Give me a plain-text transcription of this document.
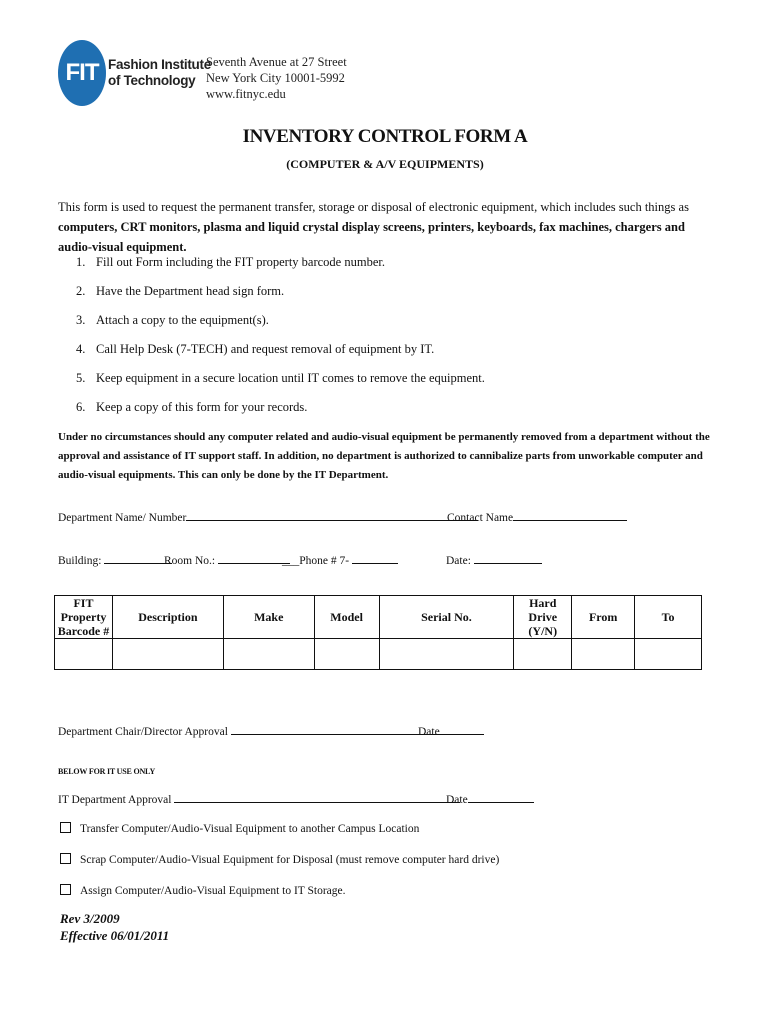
FIT Fashion Institute
of Technology
Seventh Avenue at 27 Street
New York City 10001-5992
www.fitnyc.edu
INVENTORY CONTROL FORM A
(COMPUTER & A/V EQUIPMENTS)
This form is used to request the permanent transfer, storage or disposal of electronic equipment, which includes such things as computers, CRT monitors, plasma and liquid crystal display screens, printers, keyboards, fax machines, chargers and audio-visual equipment.
1. Fill out Form including the FIT property barcode number.
2. Have the Department head sign form.
3. Attach a copy to the equipment(s).
4. Call Help Desk (7-TECH) and request removal of equipment by IT.
5. Keep equipment in a secure location until IT comes to remove the equipment.
6. Keep a copy of this form for your records.
Under no circumstances should any computer related and audio-visual equipment be permanently removed from a department without the approval and assistance of IT support staff. In addition, no department is authorized to cannibalize parts from unworkable computer and audio-visual equipments. This can only be done by the IT Department.
Department Name/ Number	Contact Name
Building:	Room No.:	___Phone # 7-	Date:
FIT Property Barcode #	Description	Make	Model	Serial No.	Hard Drive (Y/N)	From	To

Department Chair/Director Approval	Date
BELOW FOR IT USE ONLY
IT Department Approval	Date
Transfer Computer/Audio-Visual Equipment to another Campus Location
Scrap Computer/Audio-Visual Equipment for Disposal (must remove computer hard drive)
Assign Computer/Audio-Visual Equipment to IT Storage.
Rev 3/2009
Effective 06/01/2011
